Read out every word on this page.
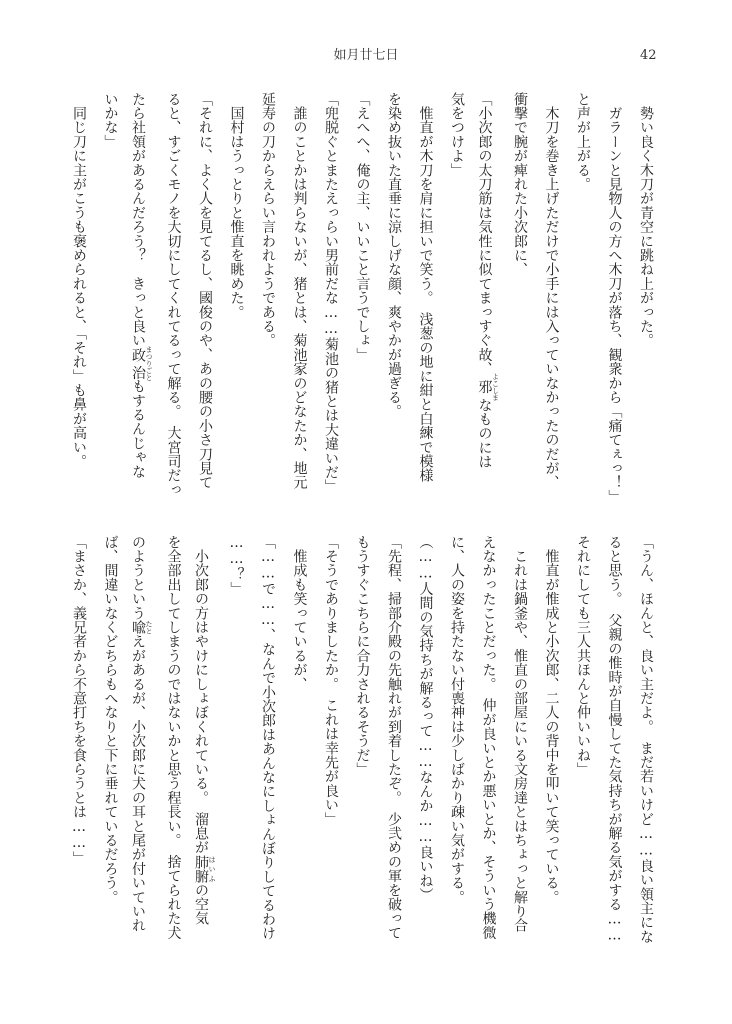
如月廿七日	42
　勢い良く木刀が青空に跳ね上がった。
　ガラーンと見物人の方へ木刀が落ち、観衆から「痛てぇっ！」
と声が上がる。
　木刀を巻き上げただけで小手には入っていなかったのだが、
衝撃で腕が痺れた小次郎に、
「小次郎の太刀筋は気性に似てまっすぐ故、邪 よこしまなものには
気をつけよ」
　惟直が木刀を肩に担いで笑う。　浅葱の地に紺と白練で模様
を染め抜いた直垂に涼しげな顔、爽やかが過ぎる。
「えへへ、俺の主、いいこと言うでしょ」
「兜脱ぐとまたえっらい男前だな……菊池の猪とは大違いだ」
　誰のことかは判らないが、猪とは、菊池家のどなたか、地元
延寿の刀からえらい言われようである。
　国村はうっとりと惟直を眺めた。
「それに、よく人を見てるし、國俊のや、あの腰の小さ刀見て
ると、すごくモノを大切にしてくれてるって解る。　大宮司だっ
たら社領があるんだろう？　きっと良い政治 まつりごともするんじゃな
いかな」
　同じ刀に主がこうも褒められると、「それ」も鼻が高い。
「うん、ほんと、良い主だよ。　まだ若いけど……良い領主にな
ると思う。　父親の惟時が自慢してた気持ちが解る気がする……
それにしても三人共ほんと仲いいね」
　惟直が惟成と小次郎、二人の背中を叩いて笑っている。
　これは鍋釜や、惟直の部屋にいる文房達とはちょっと解り合
えなかったことだった。　仲が良いとか悪いとか、そういう機微
に、人の姿を持たない付喪神は少しばかり疎い気がする。
（……人間の気持ちが解るって……なんか……良いね）
「先程、掃部介殿の先触れが到着したぞ。　少弐めの軍を破って
もうすぐこちらに合力されるそうだ」
「そうでありましたか。　これは幸先が良い」
　惟成も笑っているが、
「……で……、なんで小次郎はあんなにしょんぼりしてるわけ
……？」
　小次郎の方はやけにしょぼくれている。　溜息が肺腑 はいふの空気
を全部出してしまうのではないかと思う程長い。　捨てられた犬
のようという喩 たとえがあるが、小次郎に犬の耳と尾が付いていれ
ば、間違いなくどちらもへなりと下に垂れているだろう。
「まさか、義兄者から不意打ちを食らうとは……」
